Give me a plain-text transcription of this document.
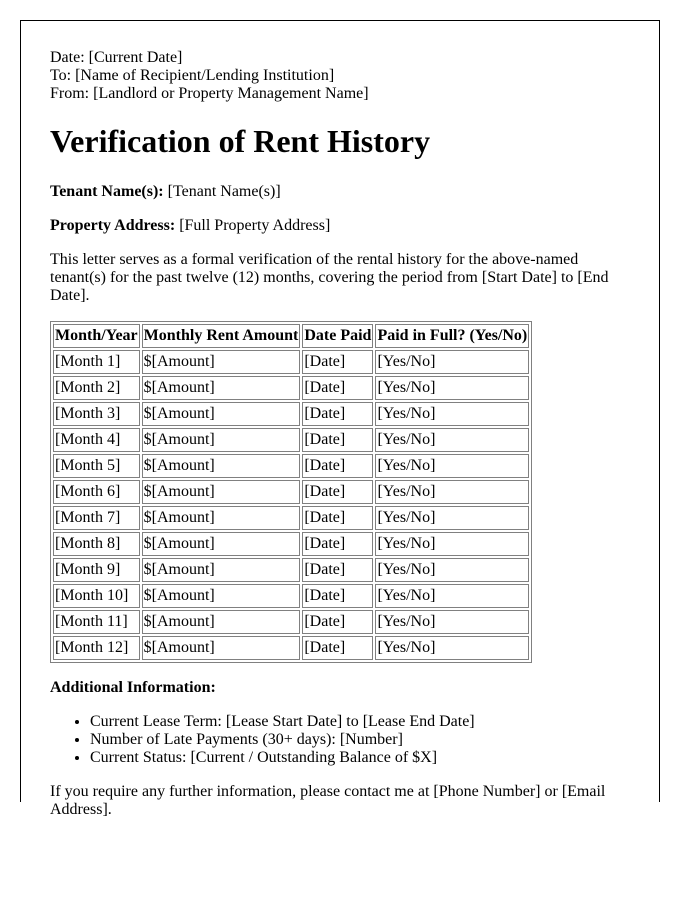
Date: [Current Date]
To: [Name of Recipient/Lending Institution]
From: [Landlord or Property Management Name]
Verification of Rent History

Tenant Name(s): [Tenant Name(s)]

Property Address: [Full Property Address]

This letter serves as a formal verification of the rental history for the above-named tenant(s) for the past twelve (12) months, covering the period from [Start Date] to [End Date].

Month/Year	Monthly Rent Amount	Date Paid	Paid in Full? (Yes/No)
[Month 1]	$[Amount]	[Date]	[Yes/No]
[Month 2]	$[Amount]	[Date]	[Yes/No]
[Month 3]	$[Amount]	[Date]	[Yes/No]
[Month 4]	$[Amount]	[Date]	[Yes/No]
[Month 5]	$[Amount]	[Date]	[Yes/No]
[Month 6]	$[Amount]	[Date]	[Yes/No]
[Month 7]	$[Amount]	[Date]	[Yes/No]
[Month 8]	$[Amount]	[Date]	[Yes/No]
[Month 9]	$[Amount]	[Date]	[Yes/No]
[Month 10]	$[Amount]	[Date]	[Yes/No]
[Month 11]	$[Amount]	[Date]	[Yes/No]
[Month 12]	$[Amount]	[Date]	[Yes/No]
Additional Information:
• Current Lease Term: [Lease Start Date] to [Lease End Date]
• Number of Late Payments (30+ days): [Number]
• Current Status: [Current / Outstanding Balance of $X]

If you require any further information, please contact me at [Phone Number] or [Email Address].
